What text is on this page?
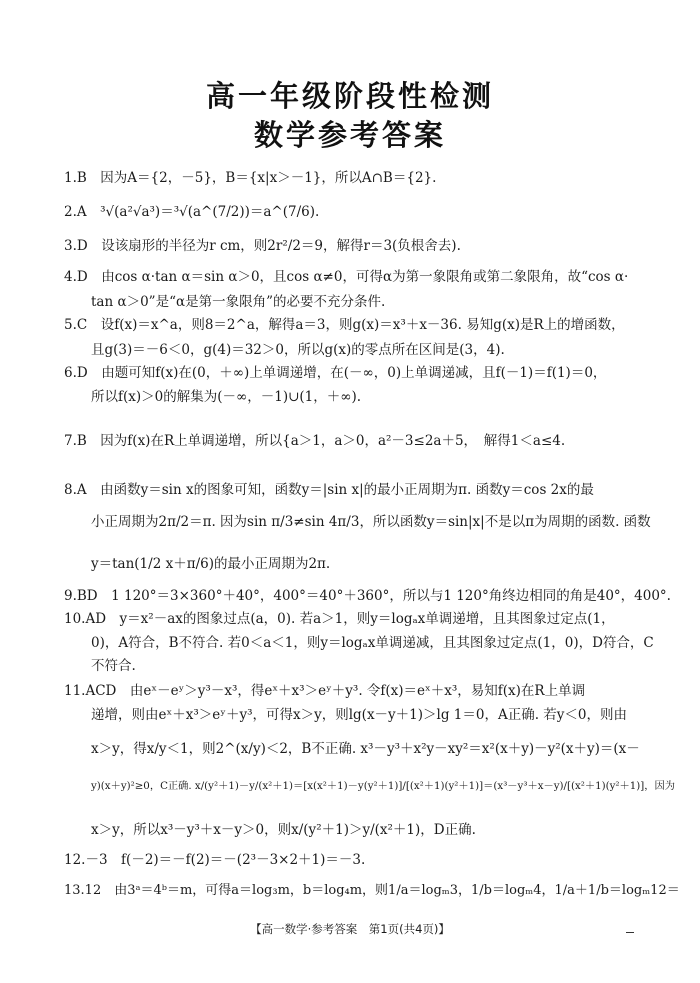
高一年级阶段性检测
数学参考答案
1.B　因为A＝{2，－5}，B＝{x|x＞－1}，所以A∩B＝{2}.
2.A　³√(a²√a³)＝³√(a^(7/2))＝a^(7/6).
3.D　设该扇形的半径为r cm，则2r²/2＝9，解得r＝3(负根舍去).
4.D　由cos α·tan α＝sin α＞0，且cos α≠0，可得α为第一象限角或第二象限角，故“cos α·
tan α＞0”是“α是第一象限角”的必要不充分条件.
5.C　设f(x)＝x^a，则8＝2^a，解得a＝3，则g(x)＝x³＋x－36. 易知g(x)是R上的增函数，
且g(3)＝－6＜0，g(4)＝32＞0，所以g(x)的零点所在区间是(3，4).
6.D　由题可知f(x)在(0，＋∞)上单调递增，在(－∞，0)上单调递减，且f(－1)＝f(1)＝0，
所以f(x)＞0的解集为(－∞，－1)∪(1，＋∞).
7.B　因为f(x)在R上单调递增，所以{a＞1，a＞0，a²－3≤2a＋5，　解得1＜a≤4.
8.A　由函数y＝sin x的图象可知，函数y＝|sin x|的最小正周期为π. 函数y＝cos 2x的最
小正周期为2π/2＝π. 因为sin π/3≠sin 4π/3，所以函数y＝sin|x|不是以π为周期的函数. 函数
y＝tan(1/2 x＋π/6)的最小正周期为2π.
9.BD　1 120°＝3×360°＋40°，400°＝40°＋360°，所以与1 120°角终边相同的角是40°，400°.
10.AD　y＝x²－ax的图象过点(a，0). 若a＞1，则y＝logₐx单调递增，且其图象过定点(1，
0)，A符合，B不符合. 若0＜a＜1，则y＝logₐx单调递减，且其图象过定点(1，0)，D符合，C
不符合.
11.ACD　由eˣ－eʸ＞y³－x³，得eˣ＋x³＞eʸ＋y³. 令f(x)＝eˣ＋x³，易知f(x)在R上单调
递增，则由eˣ＋x³＞eʸ＋y³，可得x＞y，则lg(x－y＋1)＞lg 1＝0，A正确. 若y＜0，则由
x＞y，得x/y＜1，则2^(x/y)＜2，B不正确. x³－y³＋x²y－xy²＝x²(x＋y)－y²(x＋y)＝(x－
y)(x＋y)²≥0，C正确. x/(y²＋1)－y/(x²＋1)＝[x(x²＋1)－y(y²＋1)]/[(x²＋1)(y²＋1)]＝(x³－y³＋x－y)/[(x²＋1)(y²＋1)]，因为
x＞y，所以x³－y³＋x－y＞0，则x/(y²＋1)＞y/(x²＋1)，D正确.
12.－3　f(－2)＝－f(2)＝－(2³－3×2＋1)＝－3.
13.12　由3ᵃ＝4ᵇ＝m，可得a＝log₃m，b＝log₄m，则1/a＝logₘ3，1/b＝logₘ4，1/a＋1/b＝logₘ12＝
【高一数学·参考答案　第1页(共4页)】
